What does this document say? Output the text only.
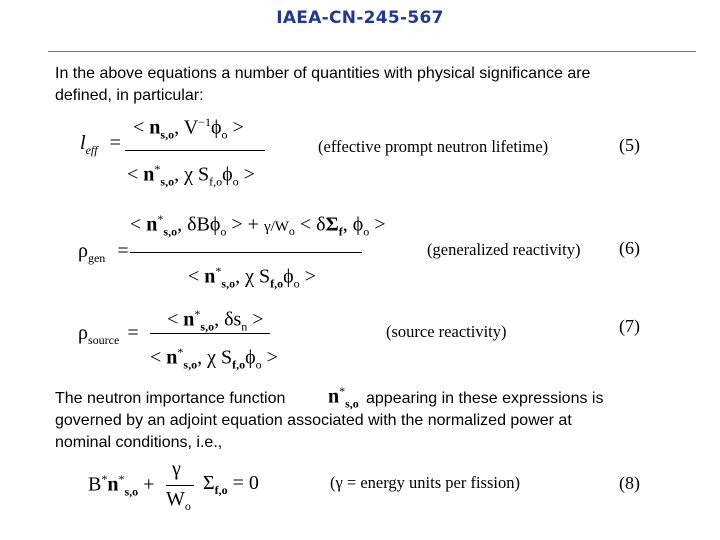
IAEA-CN-245-567
In the above equations a number of quantities with physical significance are
defined, in particular:
$l_{eff}$ =
< $n_{s,o}$, $V^{-1}\phi_o$ >
< $n^*_{s,o}$, χ $S_{f,o}\phi_o$ >
(effective prompt neutron lifetime)	(5)
$\rho_{gen}$ =
< $n^*_{s,o}$, δBϕ$_o$ > + $\gamma/W_o < \delta\Sigma_f$, $\phi_o$ >
< $n^*_{s,o}$, χ $S_{f,o}\phi_o$ >
(generalized reactivity) (6)
$\rho_{source}$ =
< $n^*_{s,o}$, $\delta s_n$ >
< $n^*_{s,o}$, χ $S_{f,o}\phi_o$ >
(source reactivity)	(7)
The neutron importance function $n^*_{s,o}$ appearing in these expressions is
governed by an adjoint equation associated with the normalized power at
nominal conditions, i.e.,
$B^*n^*_{s,o}$ +
γ
$W_o$
$\Sigma_{f,o} = 0$	(γ = energy units per fission)	(8)
